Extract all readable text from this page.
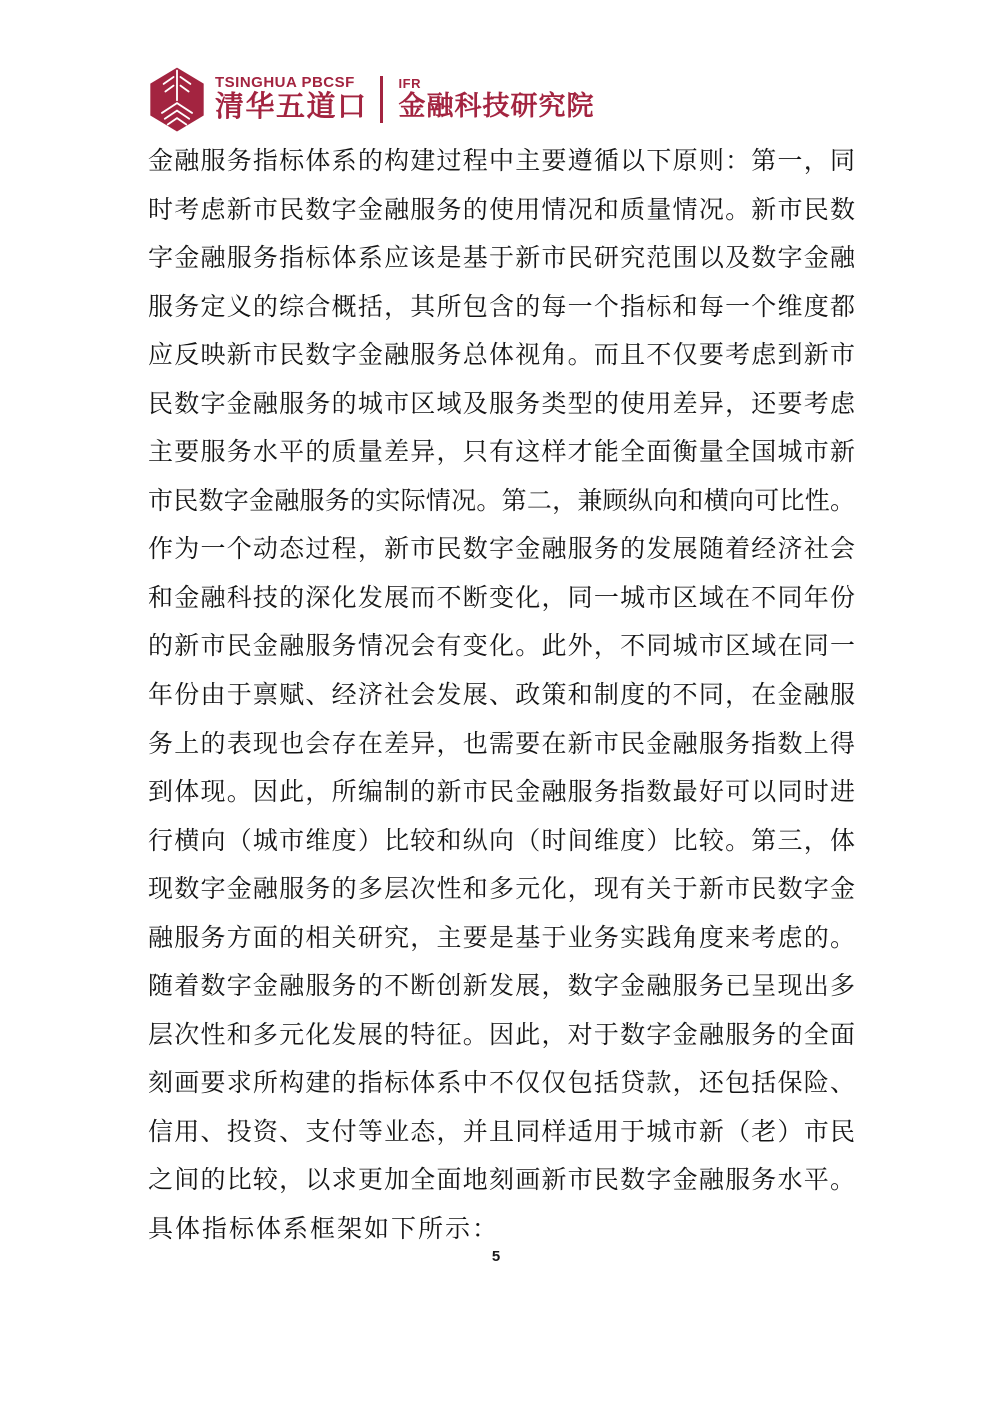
TSINGHUA PBCSF
清华五道口
IFR
金融科技研究院
金融服务指标体系的构建过程中主要遵循以下原则：第一，同
时考虑新市民数字金融服务的使用情况和质量情况。新市民数
字金融服务指标体系应该是基于新市民研究范围以及数字金融
服务定义的综合概括，其所包含的每一个指标和每一个维度都
应反映新市民数字金融服务总体视角。而且不仅要考虑到新市
民数字金融服务的城市区域及服务类型的使用差异，还要考虑
主要服务水平的质量差异，只有这样才能全面衡量全国城市新
市民数字金融服务的实际情况。第二，兼顾纵向和横向可比性。
作为一个动态过程，新市民数字金融服务的发展随着经济社会
和金融科技的深化发展而不断变化，同一城市区域在不同年份
的新市民金融服务情况会有变化。此外，不同城市区域在同一
年份由于禀赋、经济社会发展、政策和制度的不同，在金融服
务上的表现也会存在差异，也需要在新市民金融服务指数上得
到体现。因此，所编制的新市民金融服务指数最好可以同时进
行横向（城市维度）比较和纵向（时间维度）比较。第三，体
现数字金融服务的多层次性和多元化，现有关于新市民数字金
融服务方面的相关研究，主要是基于业务实践角度来考虑的。
随着数字金融服务的不断创新发展，数字金融服务已呈现出多
层次性和多元化发展的特征。因此，对于数字金融服务的全面
刻画要求所构建的指标体系中不仅仅包括贷款，还包括保险、
信用、投资、支付等业态，并且同样适用于城市新（老）市民
之间的比较，以求更加全面地刻画新市民数字金融服务水平。
具体指标体系框架如下所示：
5
